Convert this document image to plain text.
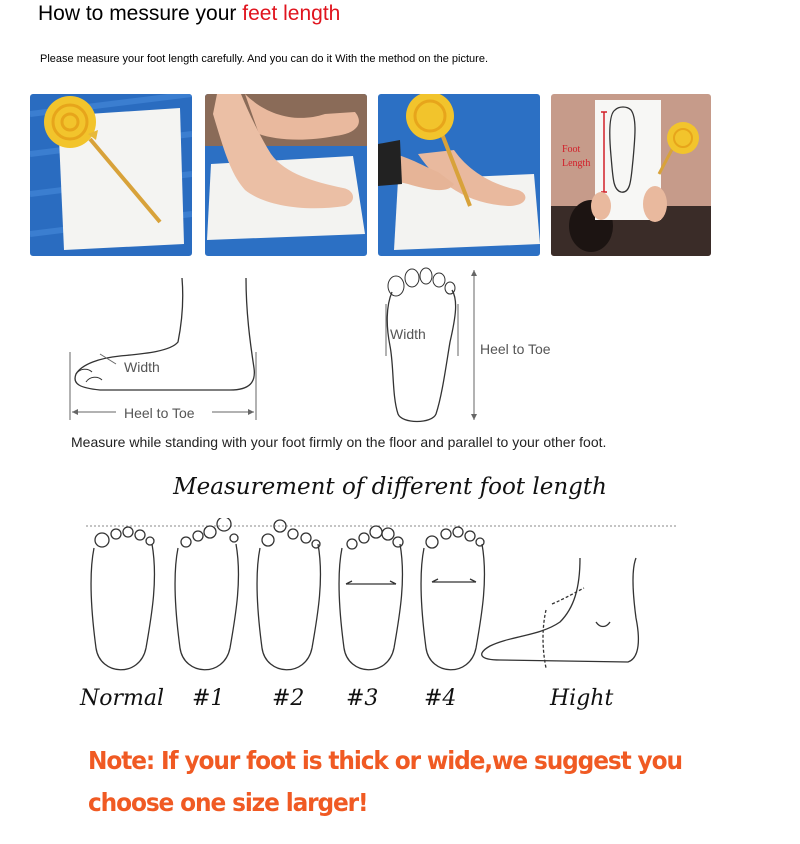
How to messure your feet length
Please measure your foot length carefully. And you can do it With the method on the picture.
Foot
Length
Width
Heel to Toe
Width
Heel to Toe
Measure while standing with your foot firmly on the floor and parallel to your other foot.
Measurement of different foot length
Normal #1 #2 #3 #4	Hight
Note: If your foot is thick or wide,we suggest you
choose one size larger!
